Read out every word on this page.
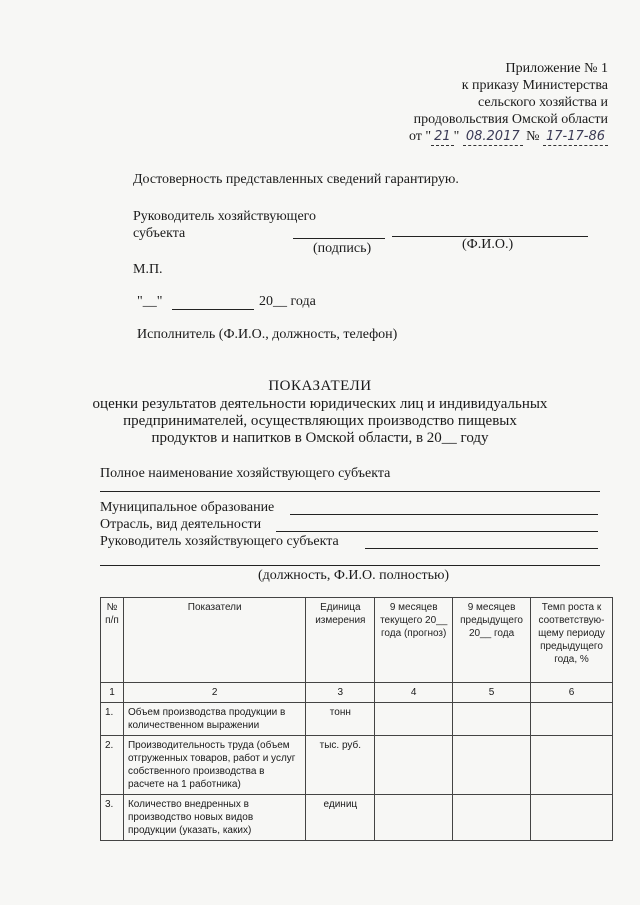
Приложение № 1
к приказу Министерства
сельского хозяйства и
продовольствия Омской области
от " 21 " 08.2017 № 17-17-86
Достоверность представленных сведений гарантирую.
Руководитель хозяйствующего
субъекта
(подпись)	(Ф.И.О.)
М.П.
"__"	20__ года
Исполнитель (Ф.И.О., должность, телефон)
ПОКАЗАТЕЛИ
оценки результатов деятельности юридических лиц и индивидуальных
предпринимателей, осуществляющих производство пищевых
продуктов и напитков в Омской области, в 20__ году
Полное наименование хозяйствующего субъекта
Муниципальное образование
Отрасль, вид деятельности
Руководитель хозяйствующего субъекта
(должность, Ф.И.О. полностью)
№ п/п	Показатели	Единица измерения	9 месяцев текущего 20__ года (прогноз)	9 месяцев предыдущего 20__ года	Темп роста к соответствую-щему периоду предыдущего года, %
1	2	3	4	5	6
1.	Объем производства продукции в количественном выражении	тонн			
2.	Производительность труда (объем отгруженных товаров, работ и услуг собственного производства в расчете на 1 работника)	тыс. руб.			
3.	Количество внедренных в производство новых видов продукции (указать, каких)	единиц			
